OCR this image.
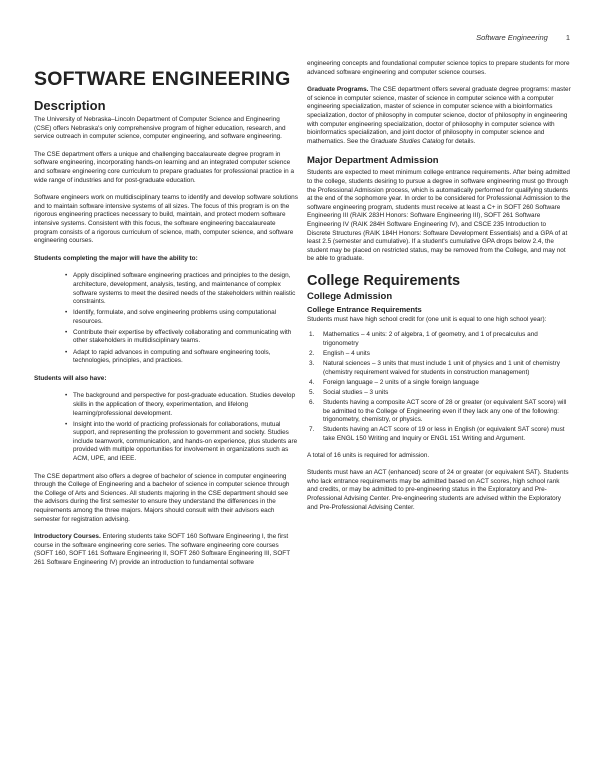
Software Engineering 1
SOFTWARE ENGINEERING
Description

The University of Nebraska–Lincoln Department of Computer Science and Engineering (CSE) offers Nebraska's only comprehensive program of higher education, research, and service outreach in computer science, computer engineering, and software engineering.

The CSE department offers a unique and challenging baccalaureate degree program in software engineering, incorporating hands-on learning and an integrated computer science and software engineering core curriculum to prepare graduates for professional practice in a wide range of industries and for post-graduate education.

Software engineers work on multidisciplinary teams to identify and develop software solutions and to maintain software intensive systems of all sizes. The focus of this program is on the rigorous engineering practices necessary to build, maintain, and protect modern software intensive systems. Consistent with this focus, the software engineering baccalaureate program consists of a rigorous curriculum of science, math, computer science, and software engineering courses.

Students completing the major will have the ability to:

• Apply disciplined software engineering practices and principles to the design, architecture, development, analysis, testing, and maintenance of complex software systems to meet the desired needs of the stakeholders within realistic constraints.
• Identify, formulate, and solve engineering problems using computational resources.
• Contribute their expertise by effectively collaborating and communicating with other stakeholders in multidisciplinary teams.
• Adapt to rapid advances in computing and software engineering tools, technologies, principles, and practices.

Students will also have:

• The background and perspective for post-graduate education. Studies develop skills in the application of theory, experimentation, and lifelong learning/professional development.
• Insight into the world of practicing professionals for collaborations, mutual support, and representing the profession to government and society. Studies include teamwork, communication, and hands-on experience, plus students are provided with multiple opportunities for involvement in organizations such as ACM, UPE, and IEEE.

The CSE department also offers a degree of bachelor of science in computer engineering through the College of Engineering and a bachelor of science in computer science through the College of Arts and Sciences. All students majoring in the CSE department should see the advisors during the first semester to ensure they understand the differences in the requirements among the three majors. Majors should consult with their advisors each semester for registration advising.

Introductory Courses. Entering students take SOFT 160 Software Engineering I, the first course in the software engineering core series. The software engineering core courses (SOFT 160, SOFT 161 Software Engineering II, SOFT 260 Software Engineering III, SOFT 261 Software Engineering IV) provide an introduction to fundamental software

engineering concepts and foundational computer science topics to prepare students for more advanced software engineering and computer science courses.

Graduate Programs. The CSE department offers several graduate degree programs: master of science in computer science, master of science in computer science with a computer engineering specialization, master of science in computer science with a bioinformatics specialization, doctor of philosophy in computer science, doctor of philosophy in engineering with computer engineering specialization, doctor of philosophy in computer science with bioinformatics specialization, and joint doctor of philosophy in computer science and mathematics. See the Graduate Studies Catalog for details.

Major Department Admission

Students are expected to meet minimum college entrance requirements. After being admitted to the college, students desiring to pursue a degree in software engineering must go through the Professional Admission process, which is automatically performed for qualifying students at the end of the sophomore year. In order to be considered for Professional Admission to the software engineering program, students must receive at least a C+ in SOFT 260 Software Engineering III (RAIK 283H Honors: Software Engineering III), SOFT 261 Software Engineering IV (RAIK 284H Software Engineering IV), and CSCE 235 Introduction to Discrete Structures (RAIK 184H Honors: Software Development Essentials) and a GPA of at least 2.5 (semester and cumulative). If a student's cumulative GPA drops below 2.4, the student may be placed on restricted status, may be removed from the College, and may not be able to graduate.

College Requirements
College Admission
College Entrance Requirements

Students must have high school credit for (one unit is equal to one high school year):

1. Mathematics – 4 units: 2 of algebra, 1 of geometry, and 1 of precalculus and trigonometry
2. English – 4 units
3. Natural sciences – 3 units that must include 1 unit of physics and 1 unit of chemistry (chemistry requirement waived for students in construction management)
4. Foreign language – 2 units of a single foreign language
5. Social studies – 3 units
6. Students having a composite ACT score of 28 or greater (or equivalent SAT score) will be admitted to the College of Engineering even if they lack any one of the following: trigonometry, chemistry, or physics.
7. Students having an ACT score of 19 or less in English (or equivalent SAT score) must take ENGL 150 Writing and Inquiry or ENGL 151 Writing and Argument.

A total of 16 units is required for admission.

Students must have an ACT (enhanced) score of 24 or greater (or equivalent SAT). Students who lack entrance requirements may be admitted based on ACT scores, high school rank and credits, or may be admitted to pre-engineering status in the Exploratory and Pre-Professional Advising Center. Pre-engineering students are advised within the Exploratory and Pre-Professional Advising Center.
